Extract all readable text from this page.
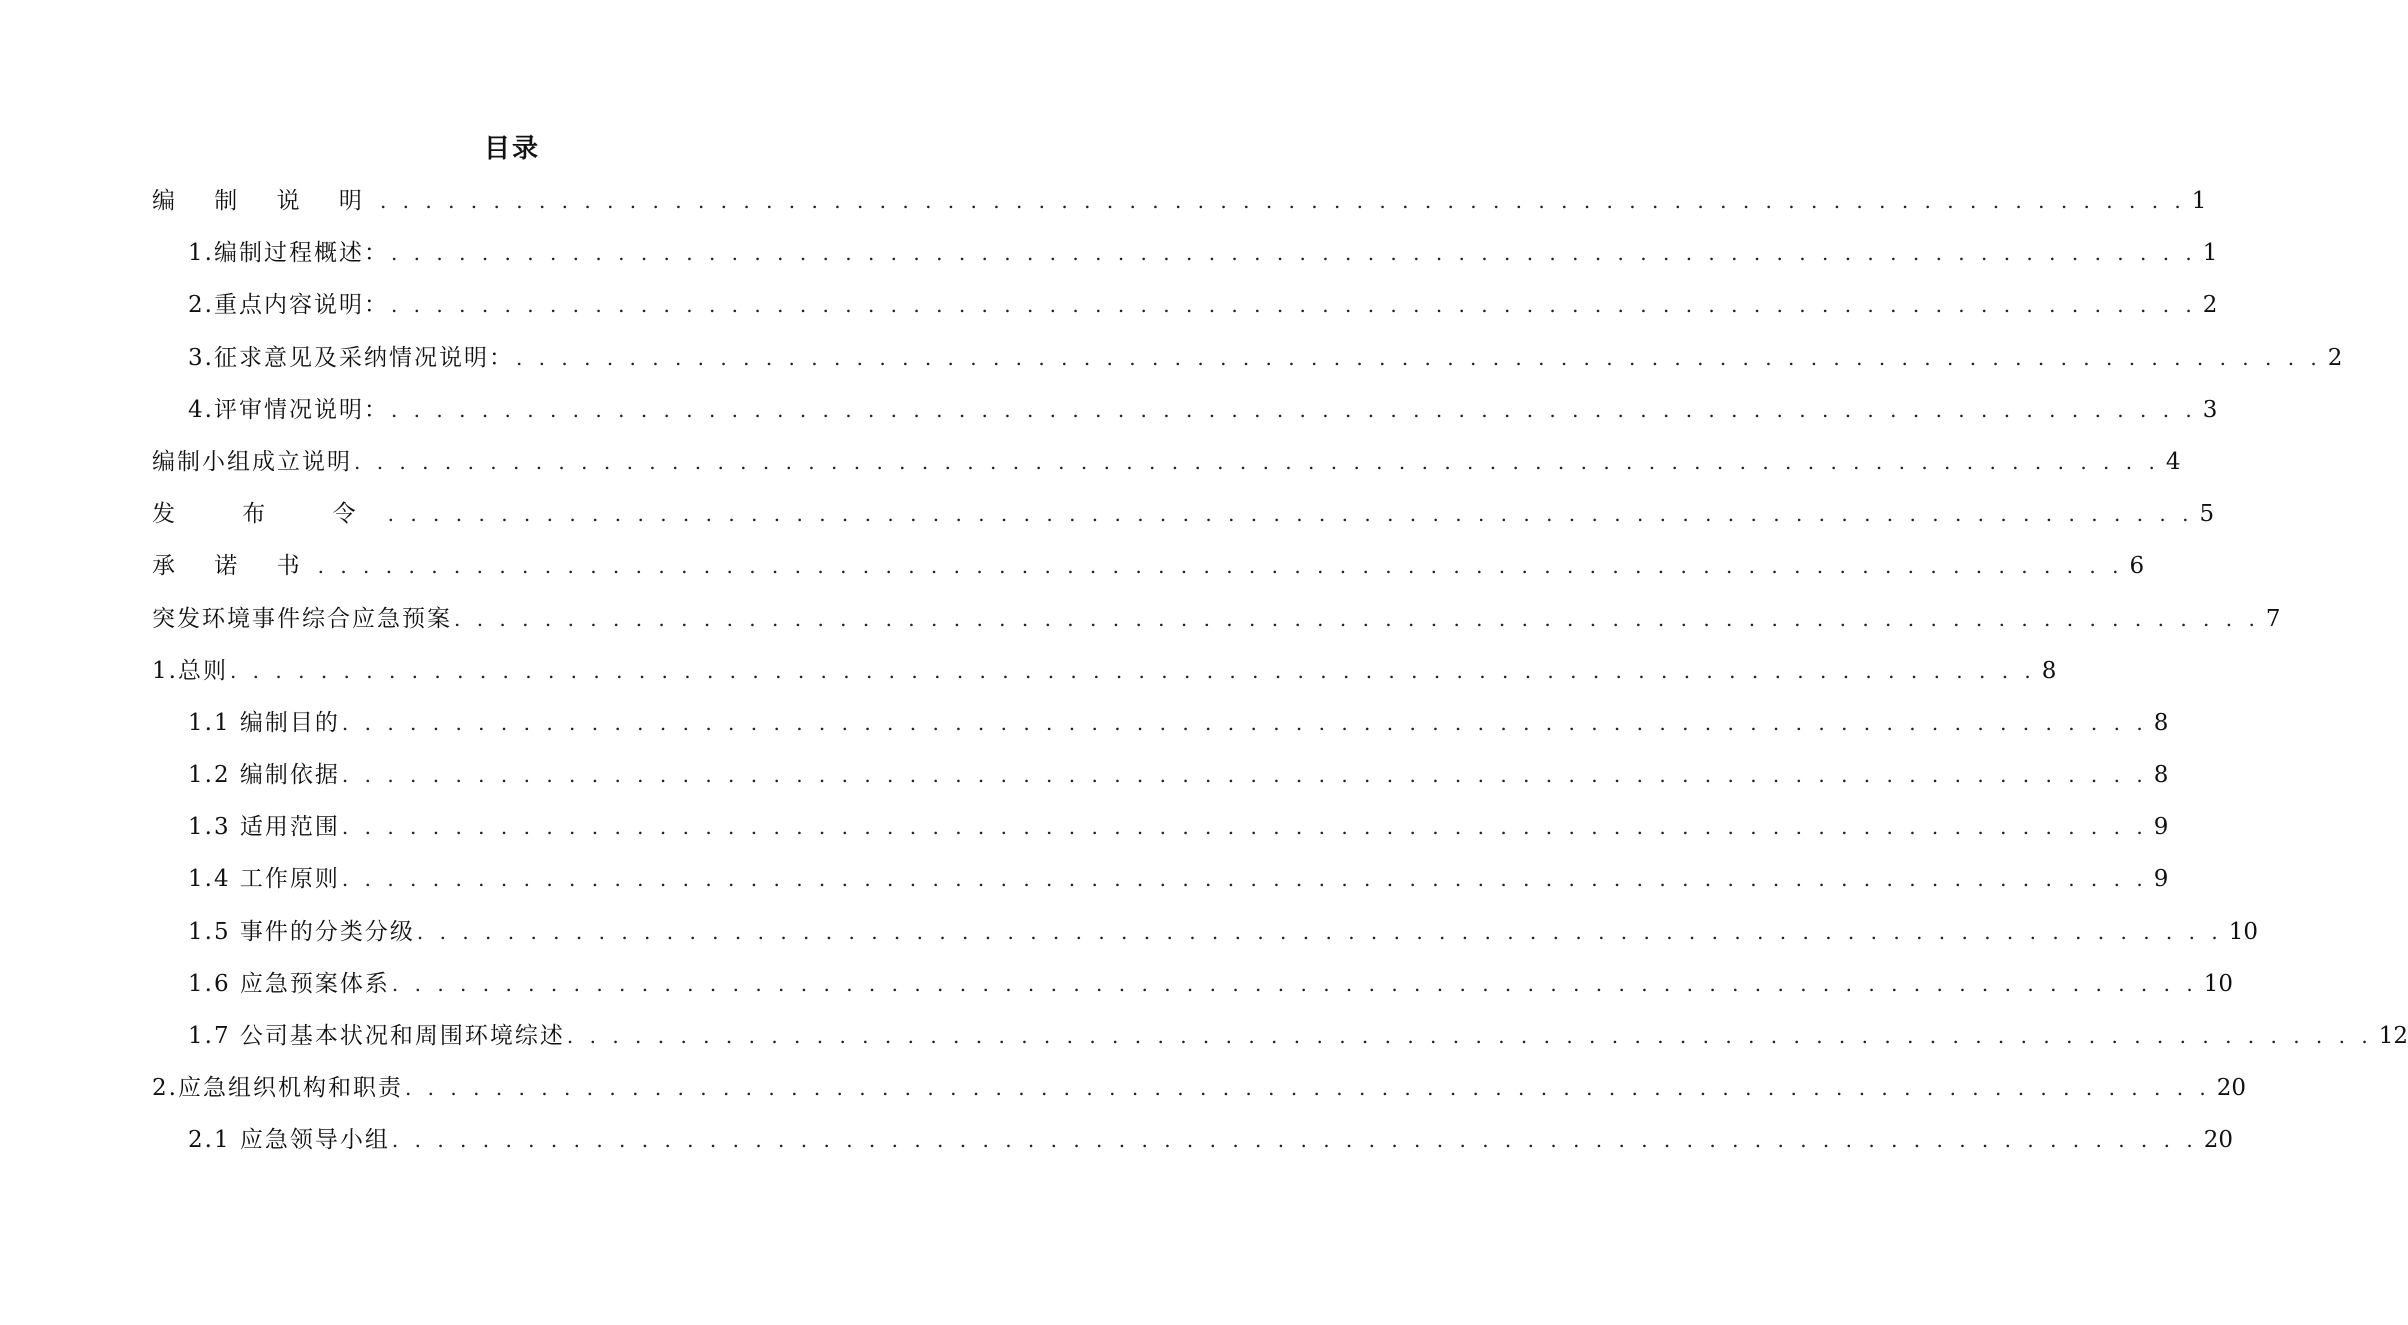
目录
编 制 说 明 . . . . . . . . . . . . . . . . . . . . . . . . . . . . . . . . . . . . . . . . . . . . . . . . . . . . . . . . . . . . . . . . . . . . . . . . . . . . . . . . 1
1.编制过程概述： . . . . . . . . . . . . . . . . . . . . . . . . . . . . . . . . . . . . . . . . . . . . . . . . . . . . . . . . . . . . . . . . . . . . . . . . . . . . . . . . 1
2.重点内容说明： . . . . . . . . . . . . . . . . . . . . . . . . . . . . . . . . . . . . . . . . . . . . . . . . . . . . . . . . . . . . . . . . . . . . . . . . . . . . . . . . 2
3.征求意见及采纳情况说明： . . . . . . . . . . . . . . . . . . . . . . . . . . . . . . . . . . . . . . . . . . . . . . . . . . . . . . . . . . . . . . . . . . . . . . . . . . . . . . . . 2
4.评审情况说明： . . . . . . . . . . . . . . . . . . . . . . . . . . . . . . . . . . . . . . . . . . . . . . . . . . . . . . . . . . . . . . . . . . . . . . . . . . . . . . . . 3
编制小组成立说明 . . . . . . . . . . . . . . . . . . . . . . . . . . . . . . . . . . . . . . . . . . . . . . . . . . . . . . . . . . . . . . . . . . . . . . . . . . . . . . . . 4
发 布 令 . . . . . . . . . . . . . . . . . . . . . . . . . . . . . . . . . . . . . . . . . . . . . . . . . . . . . . . . . . . . . . . . . . . . . . . . . . . . . . . . 5
承 诺 书 . . . . . . . . . . . . . . . . . . . . . . . . . . . . . . . . . . . . . . . . . . . . . . . . . . . . . . . . . . . . . . . . . . . . . . . . . . . . . . . . 6
突发环境事件综合应急预案 . . . . . . . . . . . . . . . . . . . . . . . . . . . . . . . . . . . . . . . . . . . . . . . . . . . . . . . . . . . . . . . . . . . . . . . . . . . . . . . . 7
1.总则 . . . . . . . . . . . . . . . . . . . . . . . . . . . . . . . . . . . . . . . . . . . . . . . . . . . . . . . . . . . . . . . . . . . . . . . . . . . . . . . . 8
1.1 编制目的 . . . . . . . . . . . . . . . . . . . . . . . . . . . . . . . . . . . . . . . . . . . . . . . . . . . . . . . . . . . . . . . . . . . . . . . . . . . . . . . . 8
1.2 编制依据 . . . . . . . . . . . . . . . . . . . . . . . . . . . . . . . . . . . . . . . . . . . . . . . . . . . . . . . . . . . . . . . . . . . . . . . . . . . . . . . . 8
1.3 适用范围 . . . . . . . . . . . . . . . . . . . . . . . . . . . . . . . . . . . . . . . . . . . . . . . . . . . . . . . . . . . . . . . . . . . . . . . . . . . . . . . . 9
1.4 工作原则 . . . . . . . . . . . . . . . . . . . . . . . . . . . . . . . . . . . . . . . . . . . . . . . . . . . . . . . . . . . . . . . . . . . . . . . . . . . . . . . . 9
1.5 事件的分类分级 . . . . . . . . . . . . . . . . . . . . . . . . . . . . . . . . . . . . . . . . . . . . . . . . . . . . . . . . . . . . . . . . . . . . . . . . . . . . . . . . 10
1.6 应急预案体系 . . . . . . . . . . . . . . . . . . . . . . . . . . . . . . . . . . . . . . . . . . . . . . . . . . . . . . . . . . . . . . . . . . . . . . . . . . . . . . . . 10
1.7 公司基本状况和周围环境综述 . . . . . . . . . . . . . . . . . . . . . . . . . . . . . . . . . . . . . . . . . . . . . . . . . . . . . . . . . . . . . . . . . . . . . . . . . . . . . . . . 12
2.应急组织机构和职责 . . . . . . . . . . . . . . . . . . . . . . . . . . . . . . . . . . . . . . . . . . . . . . . . . . . . . . . . . . . . . . . . . . . . . . . . . . . . . . . . 20
2.1 应急领导小组 . . . . . . . . . . . . . . . . . . . . . . . . . . . . . . . . . . . . . . . . . . . . . . . . . . . . . . . . . . . . . . . . . . . . . . . . . . . . . . . . 20
